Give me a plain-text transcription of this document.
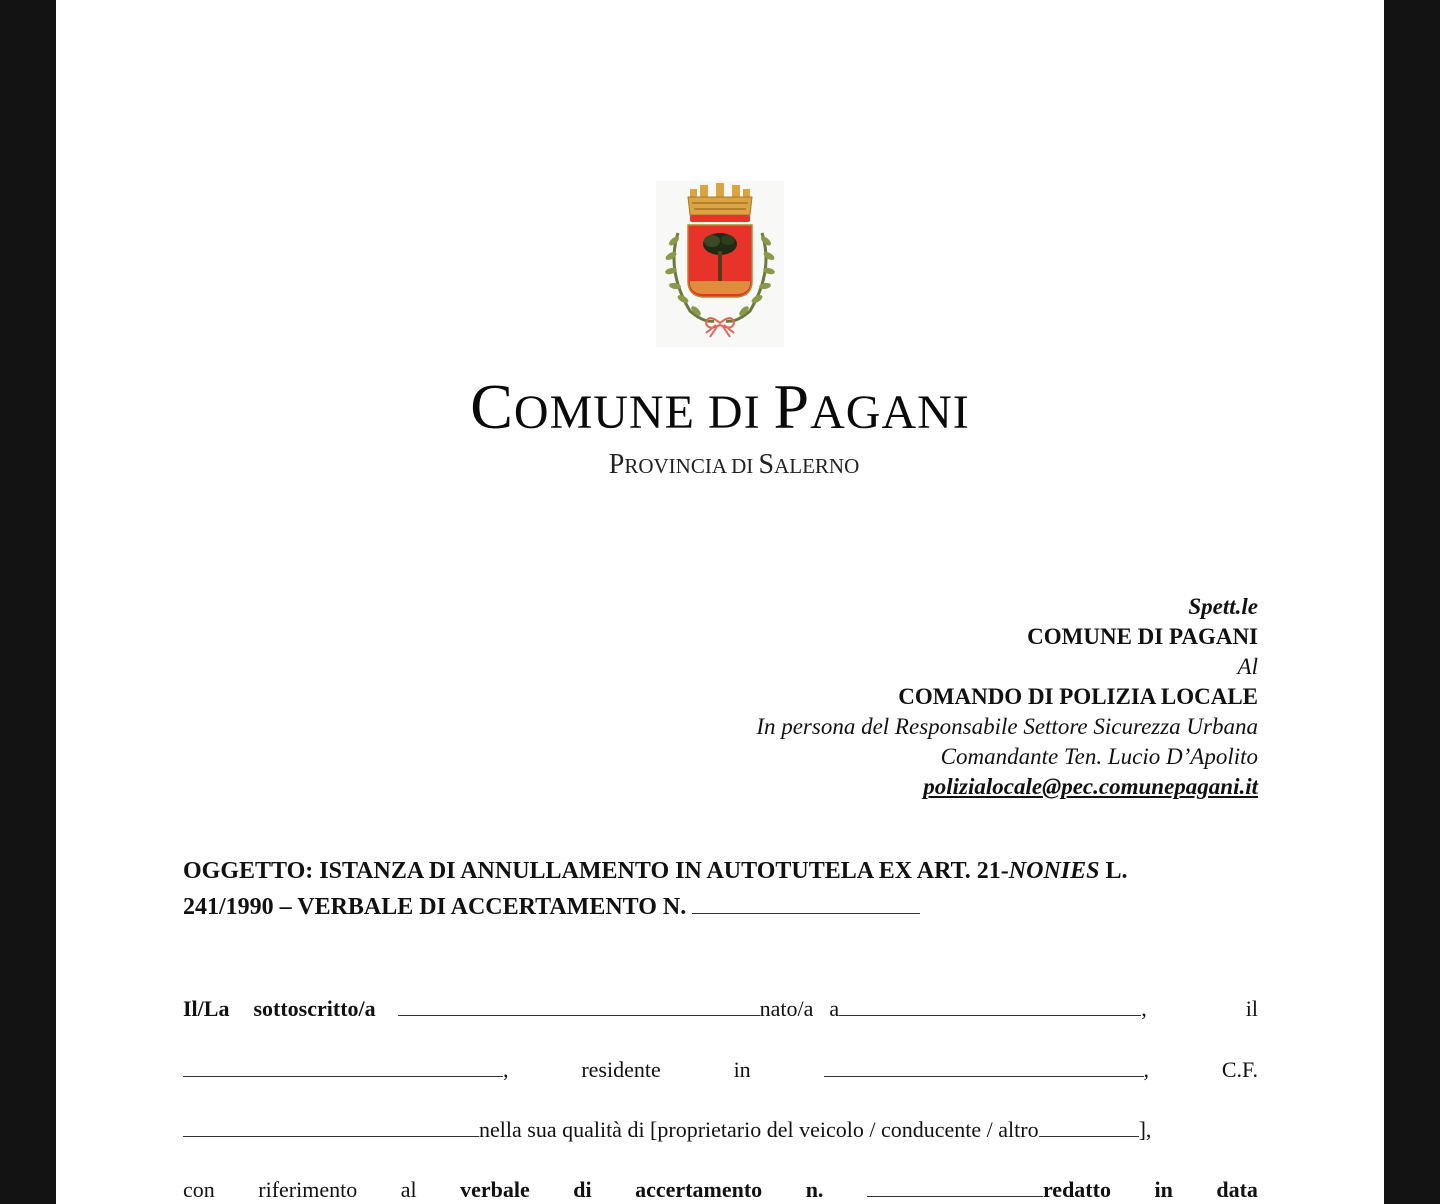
COMUNE DI PAGANI
PROVINCIA DI SALERNO
Spett.le
COMUNE DI PAGANI
Al
COMANDO DI POLIZIA LOCALE
In persona del Responsabile Settore Sicurezza Urbana
Comandante Ten. Lucio D’Apolito
polizialocale@pec.comunepagani.it
OGGETTO: ISTANZA DI ANNULLAMENTO IN AUTOTUTELA EX ART. 21-NONIES L.
241/1990 – VERBALE DI ACCERTAMENTO N.
Il/La sottoscritto/a	nato/a a	,	il
,	residente	in	,	C.F.
nella sua qualità di [proprietario del veicolo / conducente / altro	],
con riferimento al verbale di accertamento n.	redatto in data
